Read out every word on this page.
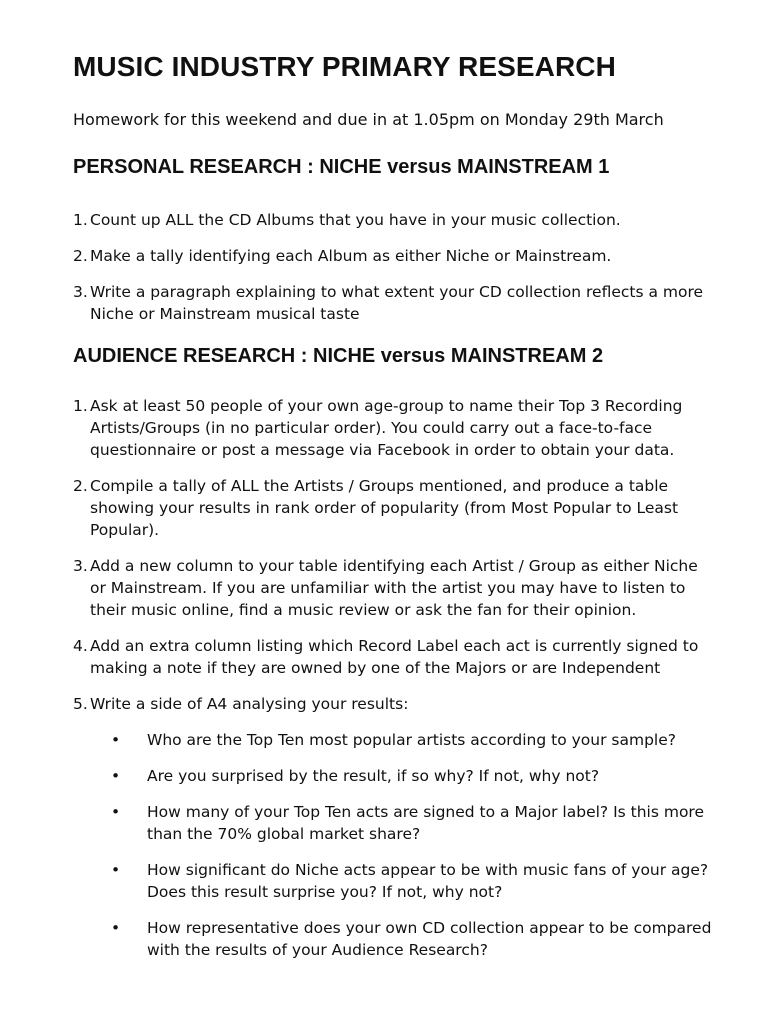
MUSIC INDUSTRY PRIMARY RESEARCH

Homework for this weekend and due in at 1.05pm on Monday 29th March

PERSONAL RESEARCH : NICHE versus MAINSTREAM 1
1. Count up ALL the CD Albums that you have in your music collection.
2. Make a tally identifying each Album as either Niche or Mainstream.
3. Write a paragraph explaining to what extent your CD collection reflects a more Niche or Mainstream musical taste
AUDIENCE RESEARCH : NICHE versus MAINSTREAM 2
1. Ask at least 50 people of your own age-group to name their Top 3 Recording Artists/Groups (in no particular order). You could carry out a face-to-face questionnaire or post a message via Facebook in order to obtain your data.
2. Compile a tally of ALL the Artists / Groups mentioned, and produce a table showing your results in rank order of popularity (from Most Popular to Least Popular).
3. Add a new column to your table identifying each Artist / Group as either Niche or Mainstream. If you are unfamiliar with the artist you may have to listen to their music online, find a music review or ask the fan for their opinion.
4. Add an extra column listing which Record Label each act is currently signed to making a note if they are owned by one of the Majors or are Independent
5. Write a side of A4 analysing your results:
•	Who are the Top Ten most popular artists according to your sample?
•	Are you surprised by the result, if so why? If not, why not?
•	How many of your Top Ten acts are signed to a Major label? Is this more than the 70% global market share?
•	How significant do Niche acts appear to be with music fans of your age? Does this result surprise you? If not, why not?
•	How representative does your own CD collection appear to be compared with the results of your Audience Research?
